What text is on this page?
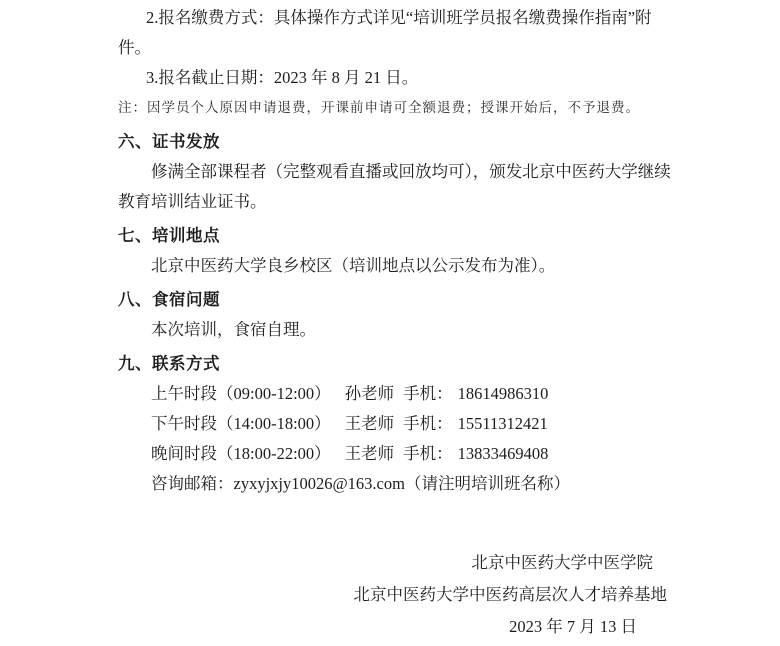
2.报名缴费方式：具体操作方式详见“培训班学员报名缴费操作指南”附
件。
3.报名截止日期：2023 年 8 月 21 日。
注：因学员个人原因申请退费，开课前申请可全额退费；授课开始后，不予退费。
六、证书发放
修满全部课程者（完整观看直播或回放均可），颁发北京中医药大学继续
教育培训结业证书。
七、培训地点
北京中医药大学良乡校区（培训地点以公示发布为准）。
八、食宿问题
本次培训，食宿自理。
九、联系方式
上午时段（09:00-12:00） 孙老师 手机： 18614986310
下午时段（14:00-18:00） 王老师 手机： 15511312421
晚间时段（18:00-22:00） 王老师 手机： 13833469408
咨询邮箱：zyxyjxjy10026@163.com（请注明培训班名称）
北京中医药大学中医学院
北京中医药大学中医药高层次人才培养基地
2023 年 7 月 13 日
